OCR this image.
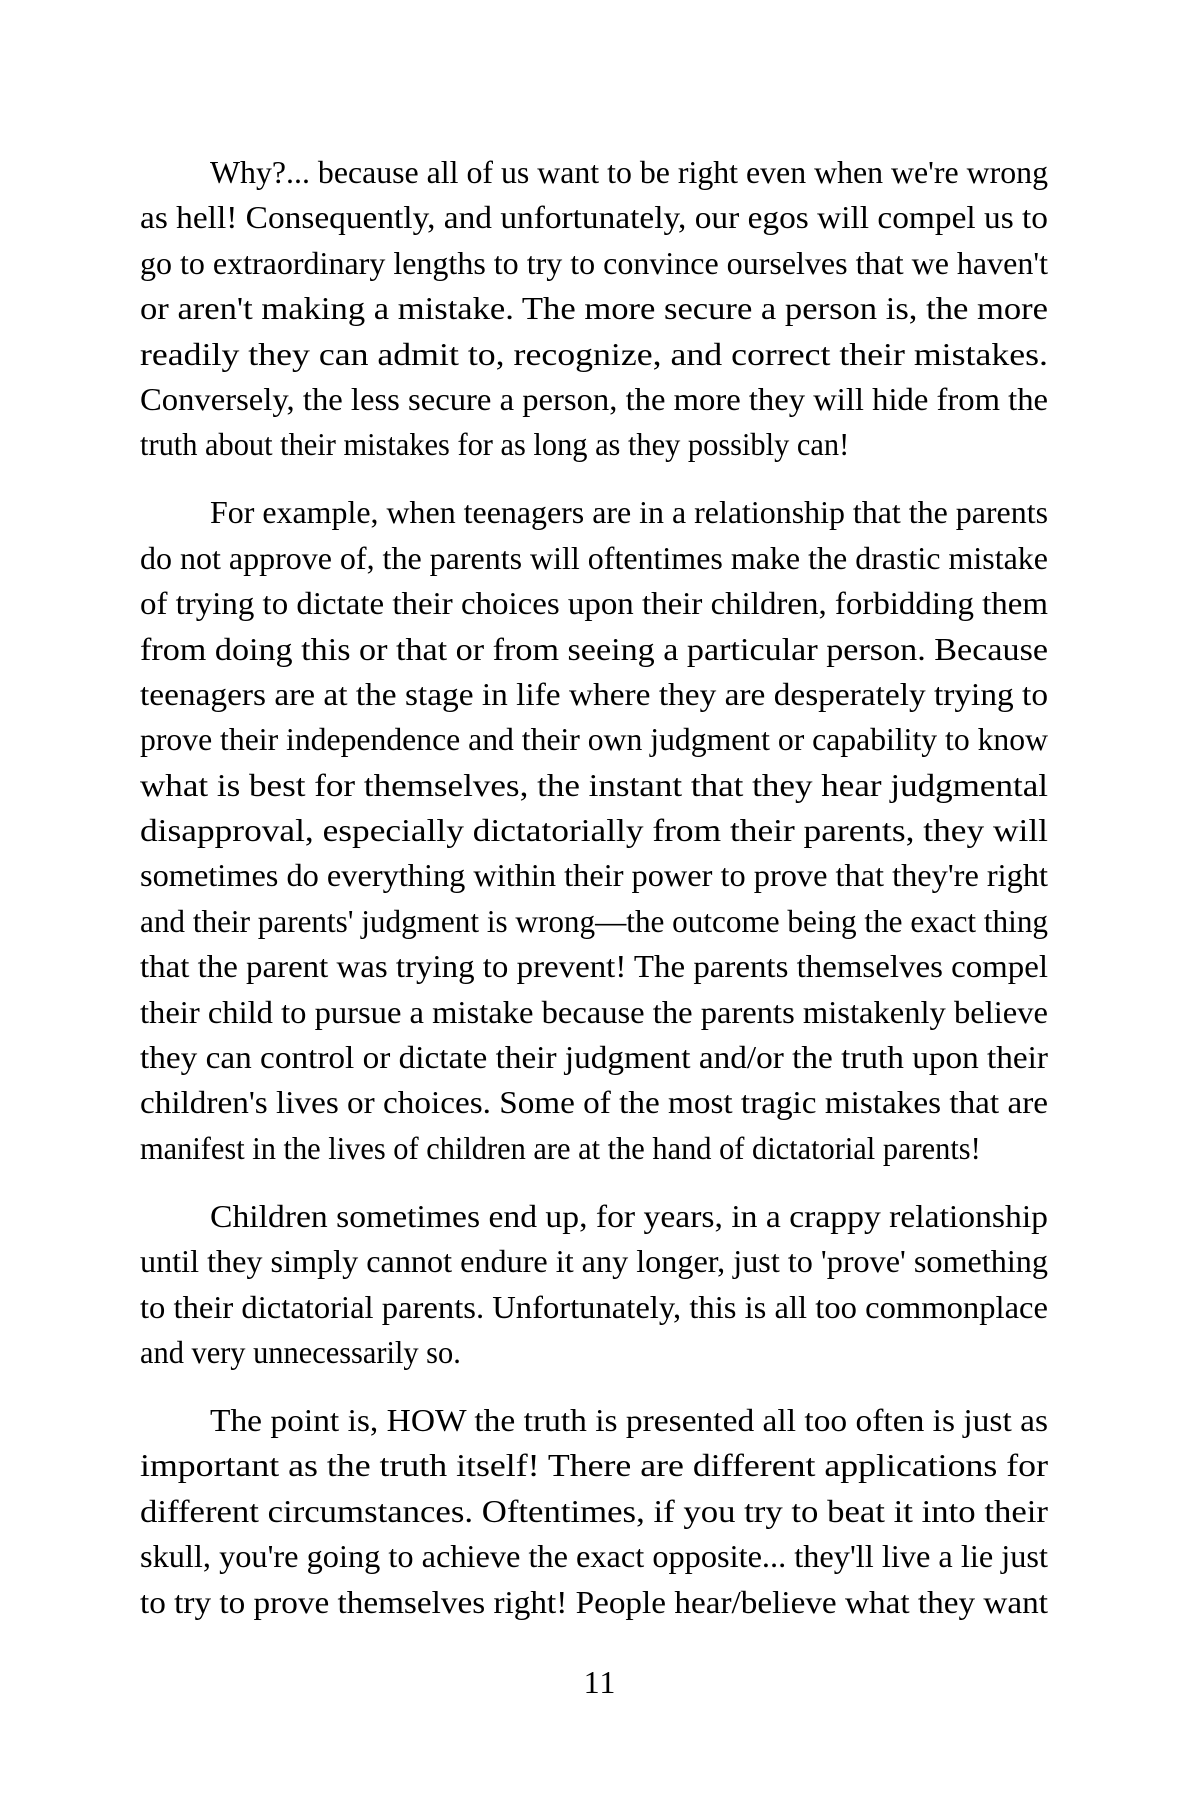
Why?... because all of us want to be right even when we're wrong
as hell! Consequently, and unfortunately, our egos will compel us to
go to extraordinary lengths to try to convince ourselves that we haven't
or aren't making a mistake. The more secure a person is, the more
readily they can admit to, recognize, and correct their mistakes.
Conversely, the less secure a person, the more they will hide from the
truth about their mistakes for as long as they possibly can!
For example, when teenagers are in a relationship that the parents
do not approve of, the parents will oftentimes make the drastic mistake
of trying to dictate their choices upon their children, forbidding them
from doing this or that or from seeing a particular person. Because
teenagers are at the stage in life where they are desperately trying to
prove their independence and their own judgment or capability to know
what is best for themselves, the instant that they hear judgmental
disapproval, especially dictatorially from their parents, they will
sometimes do everything within their power to prove that they're right
and their parents' judgment is wrong—the outcome being the exact thing
that the parent was trying to prevent! The parents themselves compel
their child to pursue a mistake because the parents mistakenly believe
they can control or dictate their judgment and/or the truth upon their
children's lives or choices. Some of the most tragic mistakes that are
manifest in the lives of children are at the hand of dictatorial parents!
Children sometimes end up, for years, in a crappy relationship
until they simply cannot endure it any longer, just to 'prove' something
to their dictatorial parents. Unfortunately, this is all too commonplace
and very unnecessarily so.
The point is, HOW the truth is presented all too often is just as
important as the truth itself! There are different applications for
different circumstances. Oftentimes, if you try to beat it into their
skull, you're going to achieve the exact opposite... they'll live a lie just
to try to prove themselves right! People hear/believe what they want
11
